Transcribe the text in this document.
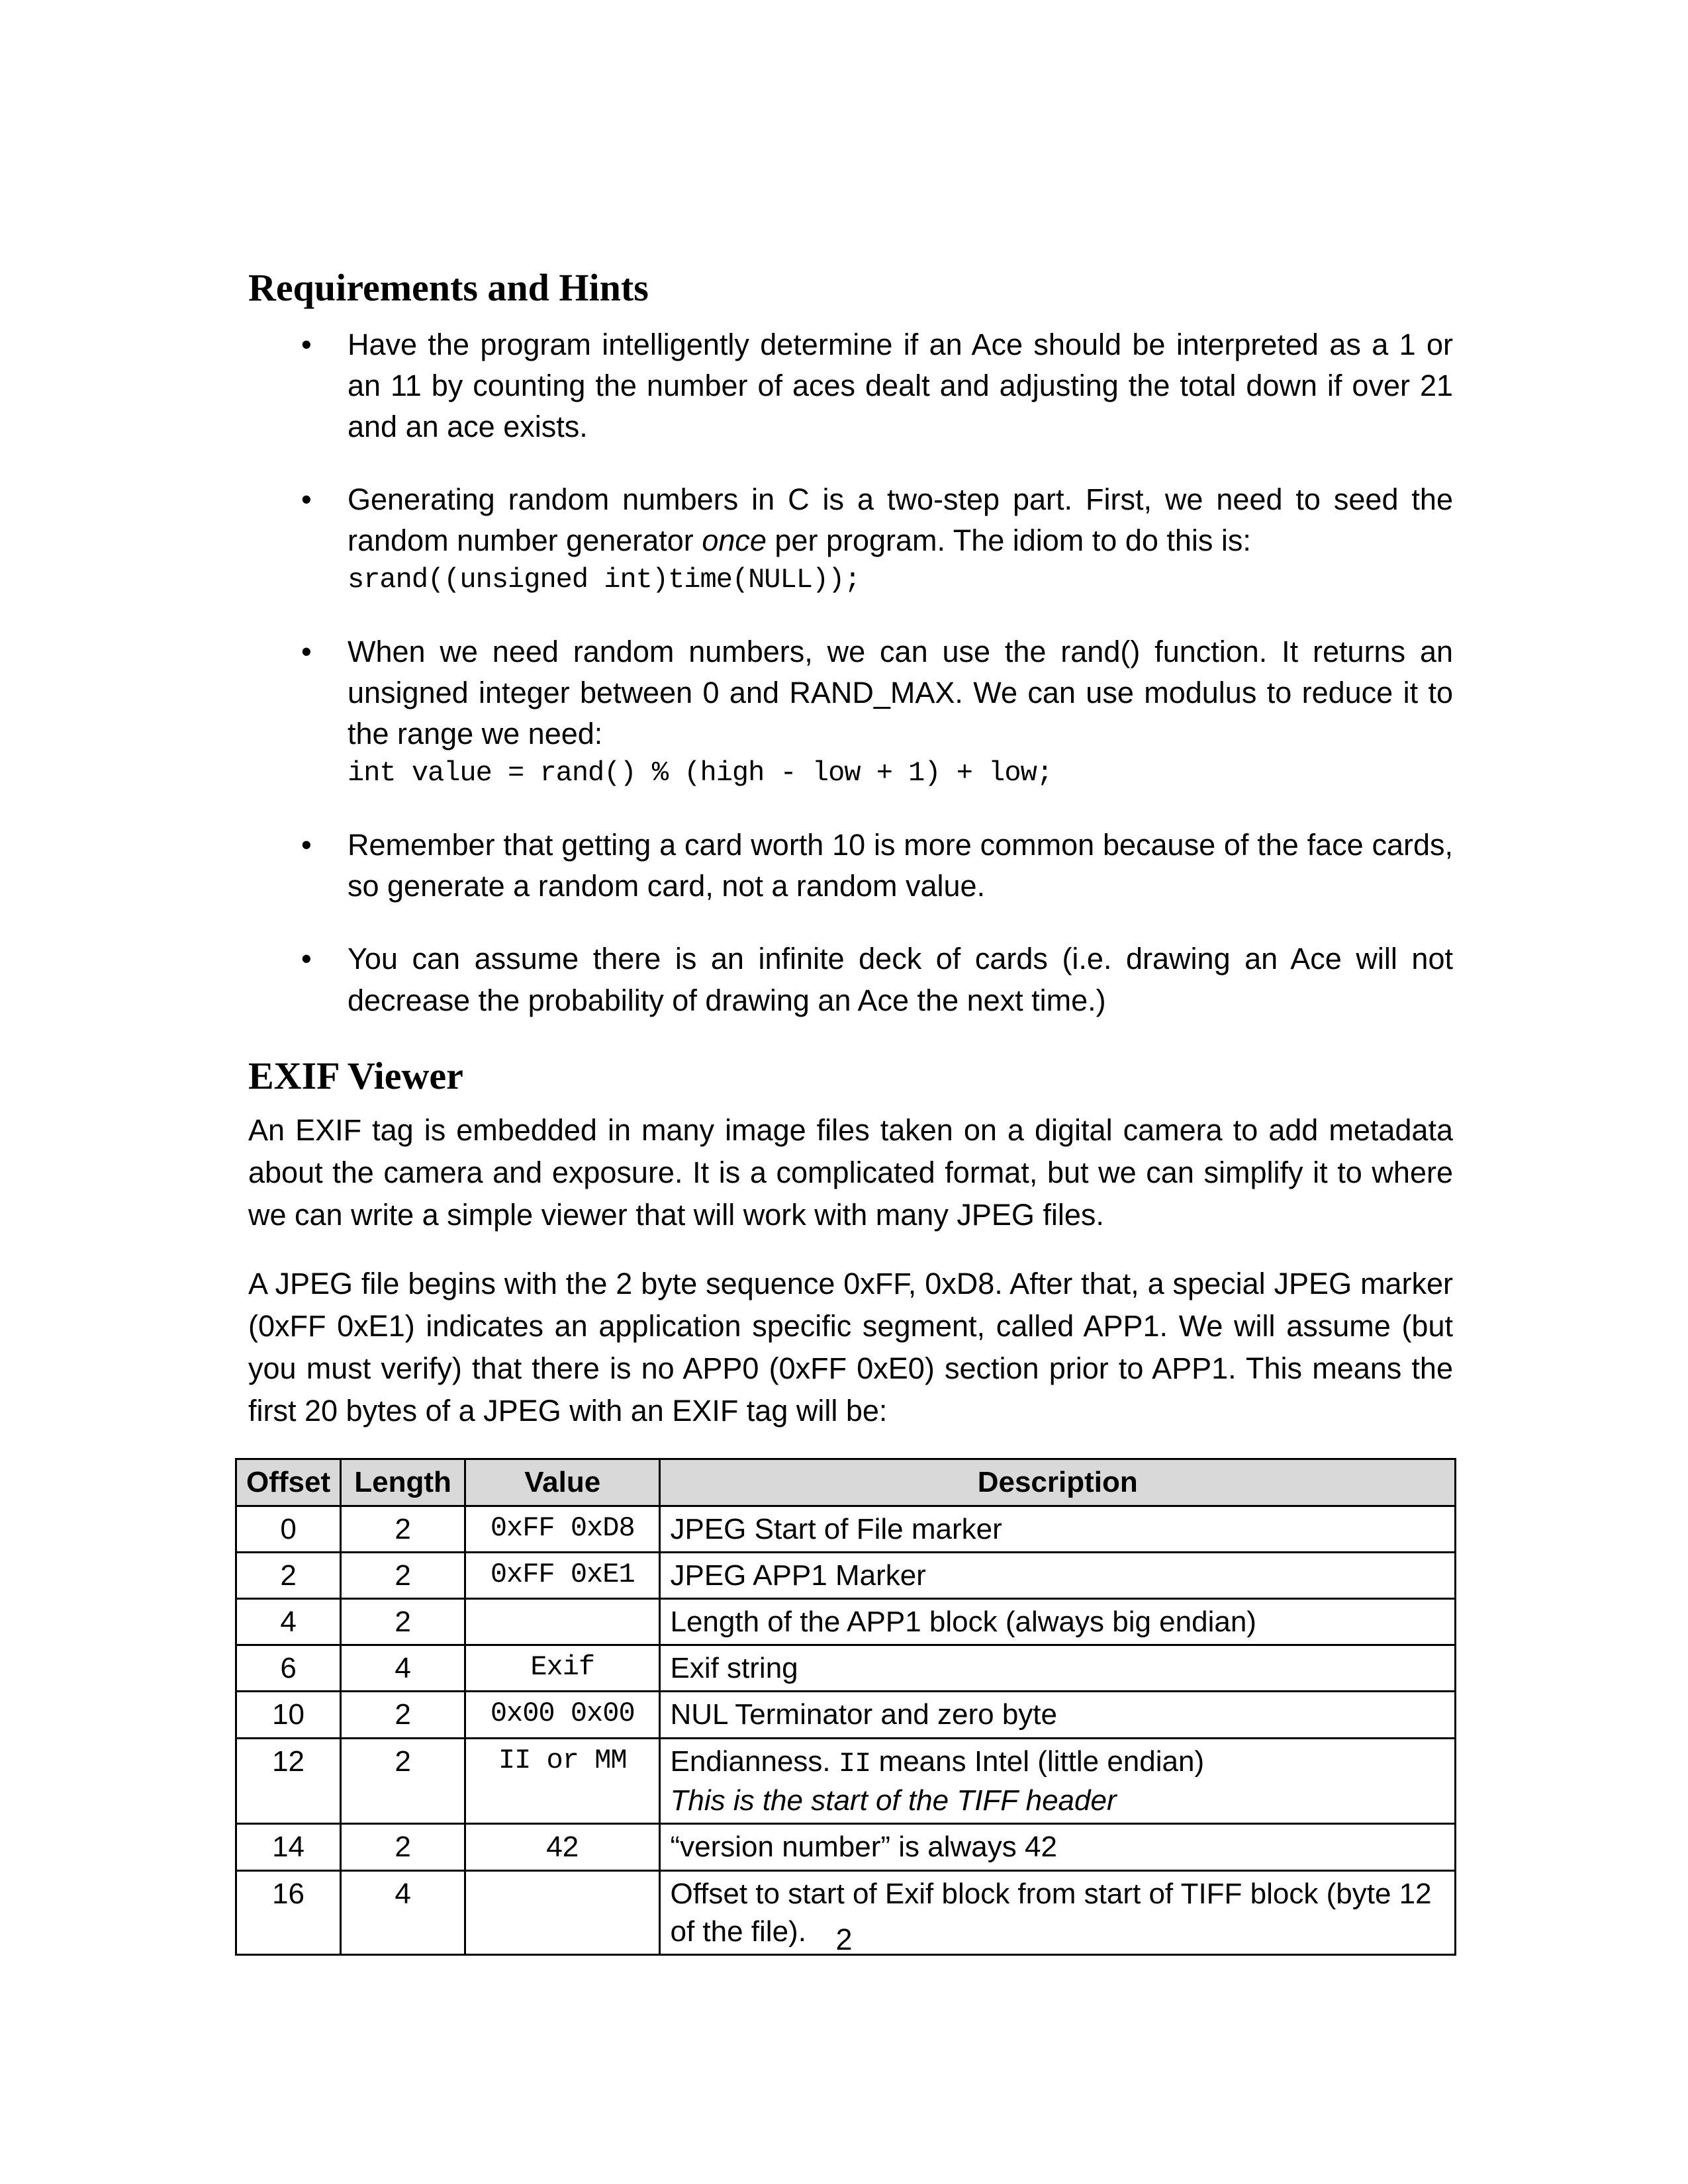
Requirements and Hints
• Have the program intelligently determine if an Ace should be interpreted as a 1 or an 11 by counting the number of aces dealt and adjusting the total down if over 21 and an ace exists.
• Generating random numbers in C is a two-step part. First, we need to seed the random number generator once per program. The idiom to do this is:
srand((unsigned int)time(NULL));
• When we need random numbers, we can use the rand() function. It returns an unsigned integer between 0 and RAND_MAX. We can use modulus to reduce it to the range we need:
int value = rand() % (high - low + 1) + low;
• Remember that getting a card worth 10 is more common because of the face cards, so generate a random card, not a random value.
• You can assume there is an infinite deck of cards (i.e. drawing an Ace will not decrease the probability of drawing an Ace the next time.)
EXIF Viewer

An EXIF tag is embedded in many image files taken on a digital camera to add metadata about the camera and exposure. It is a complicated format, but we can simplify it to where we can write a simple viewer that will work with many JPEG files.

A JPEG file begins with the 2 byte sequence 0xFF, 0xD8. After that, a special JPEG marker (0xFF 0xE1) indicates an application specific segment, called APP1. We will assume (but you must verify) that there is no APP0 (0xFF 0xE0) section prior to APP1. This means the first 20 bytes of a JPEG with an EXIF tag will be:

Offset	Length	Value	Description
0	2	0xFF 0xD8	JPEG Start of File marker
2	2	0xFF 0xE1	JPEG APP1 Marker
4	2		Length of the APP1 block (always big endian)
6	4	Exif	Exif string
10	2	0x00 0x00	NUL Terminator and zero byte
12	2	II or MM	Endianness. II means Intel (little endian)
This is the start of the TIFF header
14	2	42	“version number” is always 42
16	4		Offset to start of Exif block from start of TIFF block (byte 12 of the file). 2
